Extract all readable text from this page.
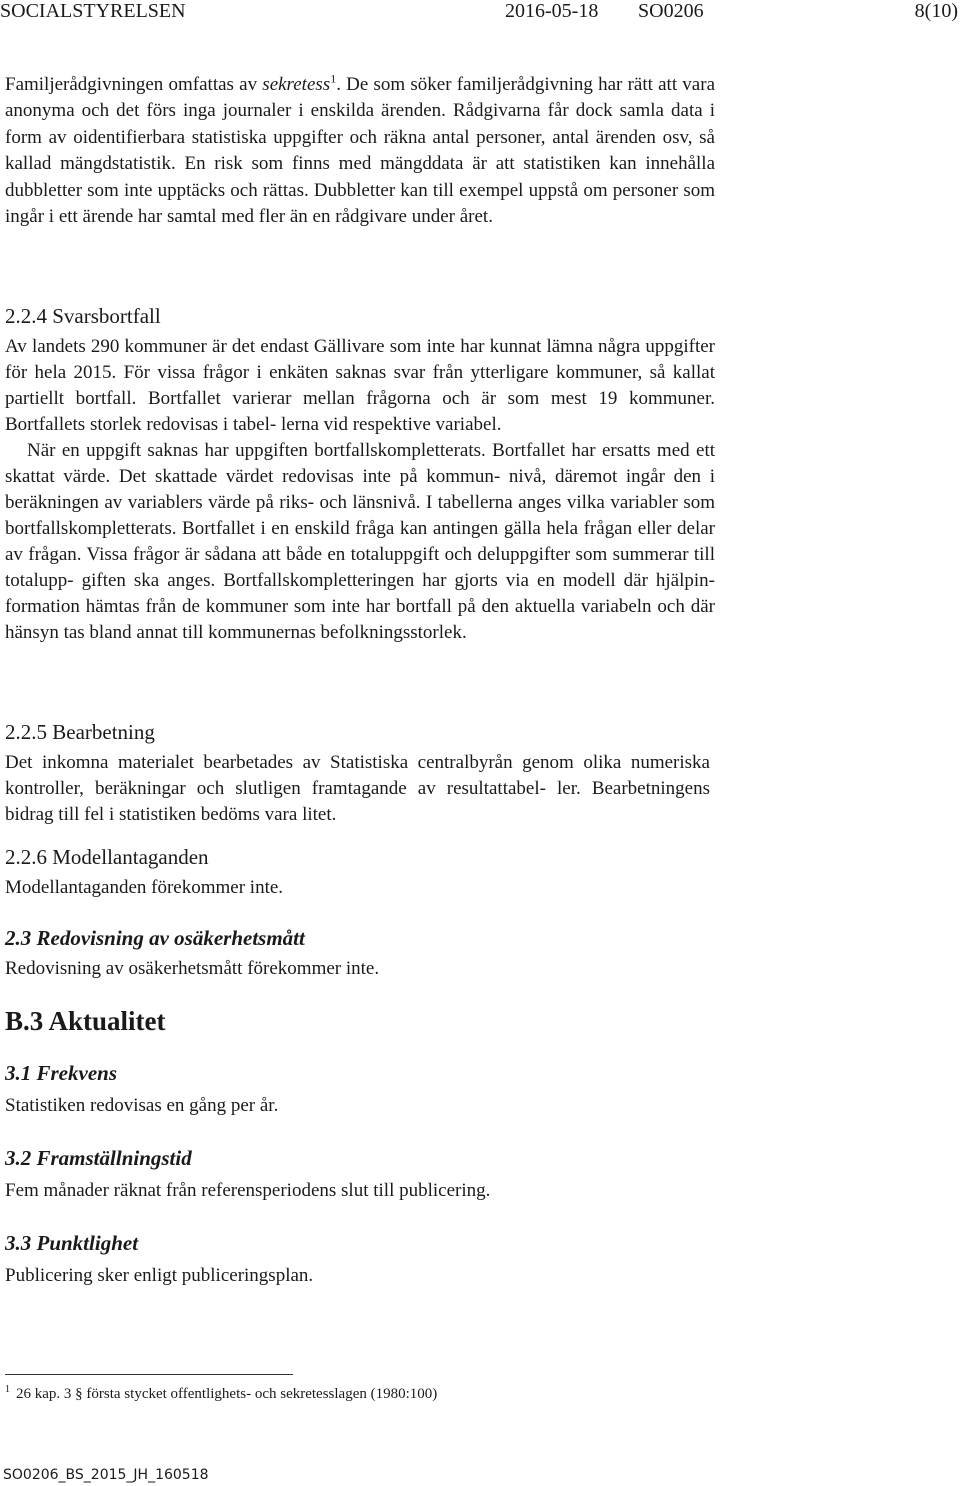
SOCIALSTYRELSEN	2016-05-18 SO0206	8(10)

Familjerådgivningen omfattas av sekretess$^1$. De som söker familjerådgivning har rätt att vara anonyma och det förs inga journaler i enskilda ärenden. Rådgivarna får dock samla data i form av oidentifierbara statistiska uppgifter och räkna antal personer, antal ärenden osv, så kallad mängdstatistik. En risk som finns med mängddata är att statistiken kan innehålla dubbletter som inte upptäcks och rättas. Dubbletter kan till exempel uppstå om personer som ingår i ett ärende har samtal med fler än en rådgivare under året.

2.2.4 Svarsbortfall

Av landets 290 kommuner är det endast Gällivare som inte har kunnat lämna några uppgifter för hela 2015. För vissa frågor i enkäten saknas svar från ytterligare kommuner, så kallat partiellt bortfall. Bortfallet varierar mellan frågorna och är som mest 19 kommuner. Bortfallets storlek redovisas i tabel- lerna vid respektive variabel.

När en uppgift saknas har uppgiften bortfallskompletterats. Bortfallet har ersatts med ett skattat värde. Det skattade värdet redovisas inte på kommun- nivå, däremot ingår den i beräkningen av variablers värde på riks- och länsnivå. I tabellerna anges vilka variabler som bortfallskompletterats. Bortfallet i en enskild fråga kan antingen gälla hela frågan eller delar av frågan. Vissa frågor är sådana att både en totaluppgift och deluppgifter som summerar till totalupp- giften ska anges. Bortfallskompletteringen har gjorts via en modell där hjälpin- formation hämtas från de kommuner som inte har bortfall på den aktuella variabeln och där hänsyn tas bland annat till kommunernas befolkningsstorlek.

2.2.5 Bearbetning

Det inkomna materialet bearbetades av Statistiska centralbyrån genom olika numeriska kontroller, beräkningar och slutligen framtagande av resultattabel- ler. Bearbetningens bidrag till fel i statistiken bedöms vara litet.

2.2.6 Modellantaganden

Modellantaganden förekommer inte.

2.3 Redovisning av osäkerhetsmått

Redovisning av osäkerhetsmått förekommer inte.

B.3 Aktualitet
3.1 Frekvens

Statistiken redovisas en gång per år.

3.2 Framställningstid

Fem månader räknat från referensperiodens slut till publicering.

3.3 Punktlighet

Publicering sker enligt publiceringsplan.

$^1$ 26 kap. 3 § första stycket offentlighets- och sekretesslagen (1980:100)
SO0206_BS_2015_JH_160518
